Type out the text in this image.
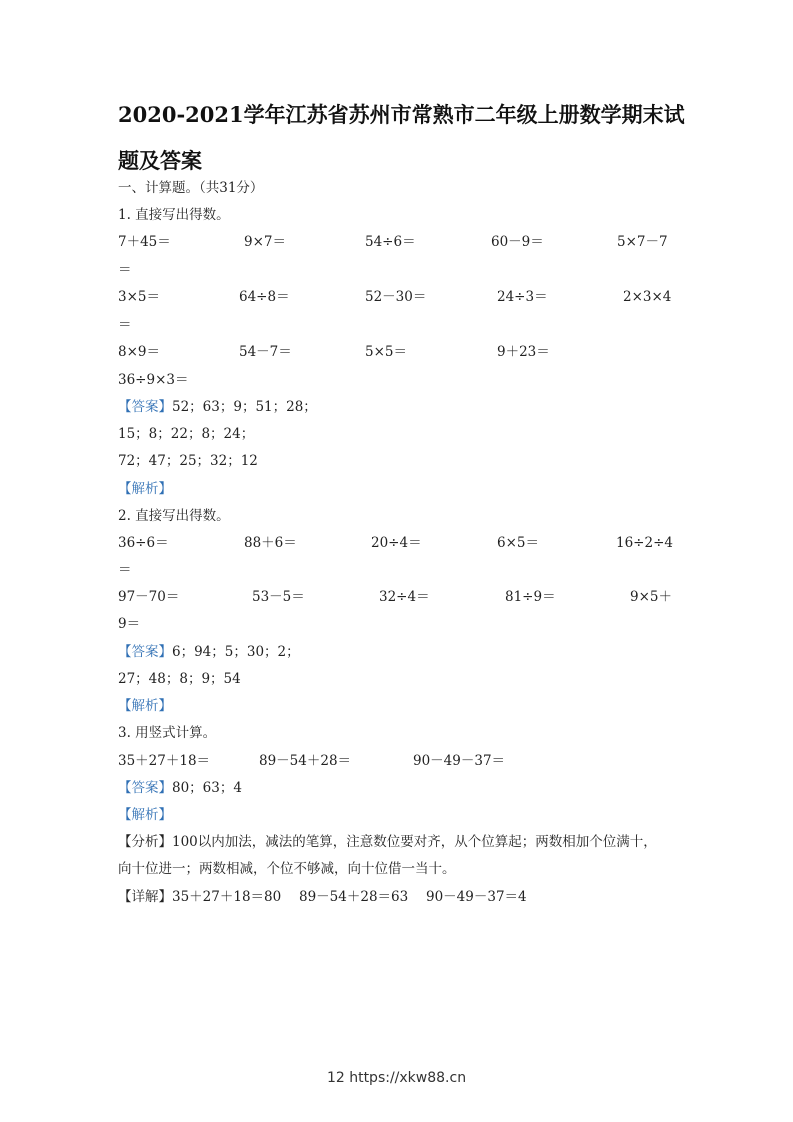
2020-2021学年江苏省苏州市常熟市二年级上册数学期末试题及答案
一、计算题。（共31分）
1. 直接写出得数。
7＋45＝	9×7＝	54÷6＝	60－9＝	5×7－7
＝
3×5＝	64÷8＝	52－30＝	24÷3＝	2×3×4
＝
8×9＝	54－7＝	5×5＝	9＋23＝
36÷9×3＝
【答案】52；63；9；51；28；
15；8；22；8；24；
72；47；25；32；12
【解析】
2. 直接写出得数。
36÷6＝	88＋6＝	20÷4＝	6×5＝	16÷2÷4
＝
97－70＝	53－5＝	32÷4＝	81÷9＝	9×5＋
9＝
【答案】6；94；5；30；2；
27；48；8；9；54
【解析】
3. 用竖式计算。
35＋27＋18＝	89－54＋28＝	90－49－37＝
【答案】80；63；4
【解析】
【分析】100以内加法，减法的笔算，注意数位要对齐，从个位算起；两数相加个位满十，
向十位进一；两数相减，个位不够减，向十位借一当十。
【详解】35＋27＋18＝80　 89－54＋28＝63　 90－49－37＝4
12 https://xkw88.cn
